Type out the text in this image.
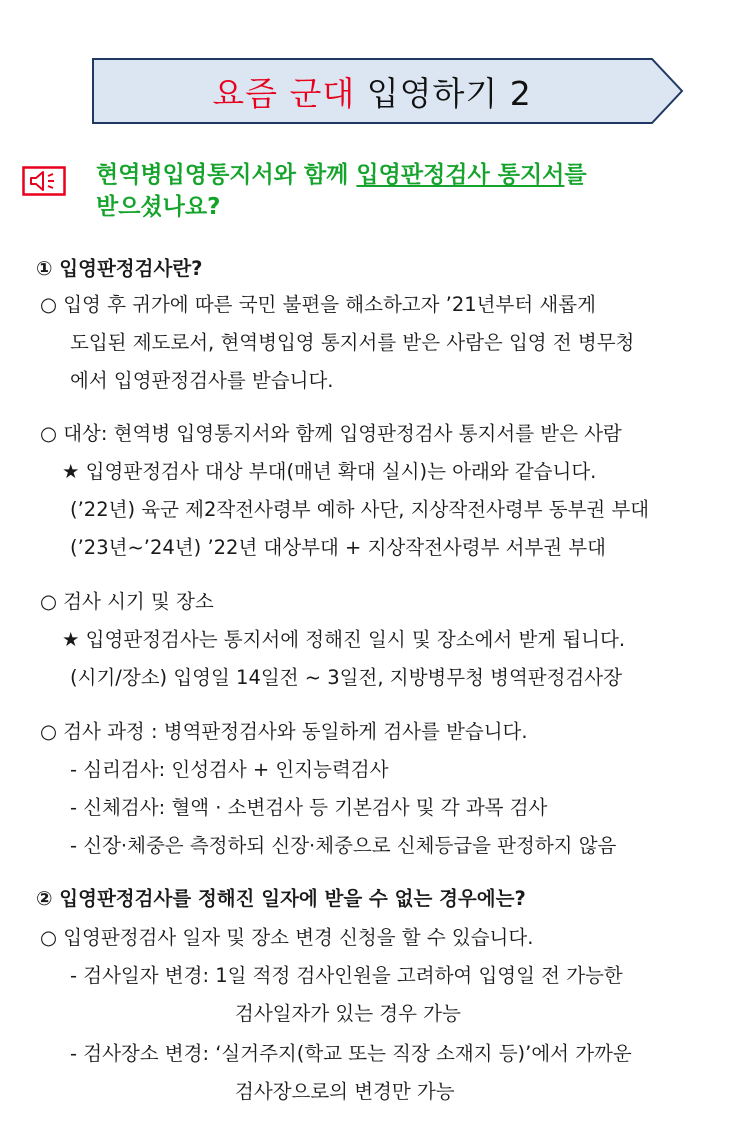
요즘 군대 입영하기 2
현역병입영통지서와 함께 입영판정검사 통지서를
받으셨나요?
① 입영판정검사란?
○ 입영 후 귀가에 따른 국민 불편을 해소하고자 ’21년부터 새롭게
도입된 제도로서, 현역병입영 통지서를 받은 사람은 입영 전 병무청
에서 입영판정검사를 받습니다.
○ 대상: 현역병 입영통지서와 함께 입영판정검사 통지서를 받은 사람
★ 입영판정검사 대상 부대(매년 확대 실시)는 아래와 같습니다.
(’22년) 육군 제2작전사령부 예하 사단, 지상작전사령부 동부권 부대
(’23년~’24년) ’22년 대상부대 + 지상작전사령부 서부권 부대
○ 검사 시기 및 장소
★ 입영판정검사는 통지서에 정해진 일시 및 장소에서 받게 됩니다.
(시기/장소) 입영일 14일전 ~ 3일전, 지방병무청 병역판정검사장
○ 검사 과정 : 병역판정검사와 동일하게 검사를 받습니다.
- 심리검사: 인성검사 + 인지능력검사
- 신체검사: 혈액 · 소변검사 등 기본검사 및 각 과목 검사
- 신장·체중은 측정하되 신장·체중으로 신체등급을 판정하지 않음
② 입영판정검사를 정해진 일자에 받을 수 없는 경우에는?
○ 입영판정검사 일자 및 장소 변경 신청을 할 수 있습니다.
- 검사일자 변경: 1일 적정 검사인원을 고려하여 입영일 전 가능한
검사일자가 있는 경우 가능
- 검사장소 변경: ‘실거주지(학교 또는 직장 소재지 등)’에서 가까운
검사장으로의 변경만 가능
